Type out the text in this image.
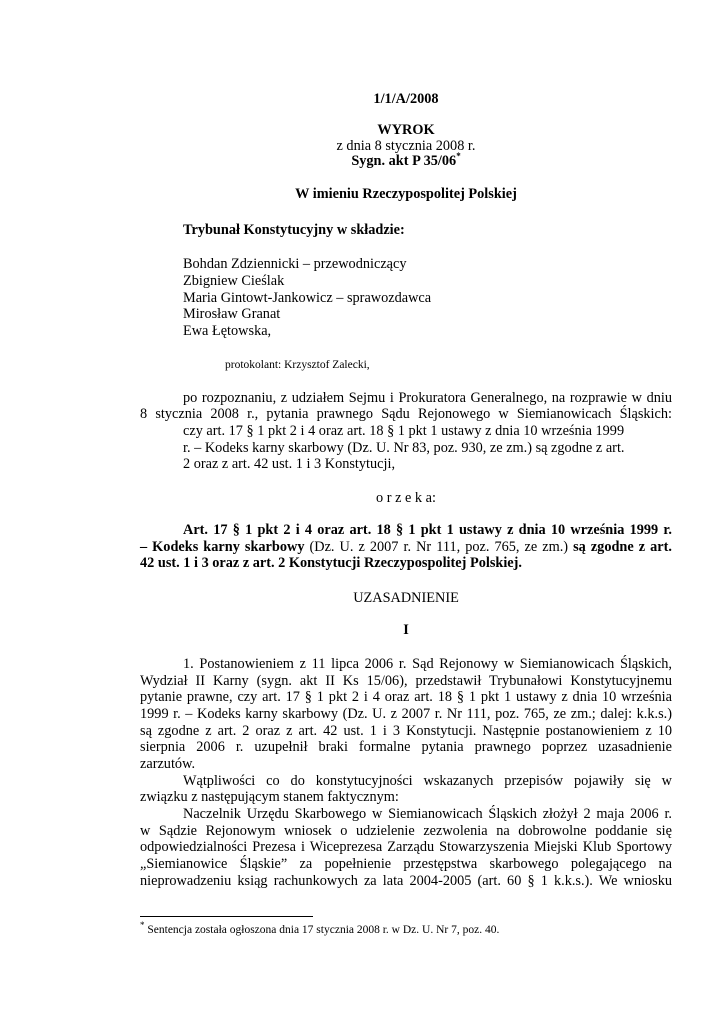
1/1/A/2008
WYROK
z dnia 8 stycznia 2008 r.
Sygn. akt P 35/06*
W imieniu Rzeczypospolitej Polskiej
Trybunał Konstytucyjny w składzie:
Bohdan Zdziennicki – przewodniczący
Zbigniew Cieślak
Maria Gintowt-Jankowicz – sprawozdawca
Mirosław Granat
Ewa Łętowska,
protokolant: Krzysztof Zalecki,
po rozpoznaniu, z udziałem Sejmu i Prokuratora Generalnego, na rozprawie w dniu
8 stycznia 2008 r., pytania prawnego Sądu Rejonowego w Siemianowicach Śląskich:
czy art. 17 § 1 pkt 2 i 4 oraz art. 18 § 1 pkt 1 ustawy z dnia 10 września 1999
r. – Kodeks karny skarbowy (Dz. U. Nr 83, poz. 930, ze zm.) są zgodne z art.
2 oraz z art. 42 ust. 1 i 3 Konstytucji,
o r z e k a:
Art. 17 § 1 pkt 2 i 4 oraz art. 18 § 1 pkt 1 ustawy z dnia 10 września 1999 r.
– Kodeks karny skarbowy (Dz. U. z 2007 r. Nr 111, poz. 765, ze zm.) są zgodne z art.
42 ust. 1 i 3 oraz z art. 2 Konstytucji Rzeczypospolitej Polskiej.
UZASADNIENIE
I
1. Postanowieniem z 11 lipca 2006 r. Sąd Rejonowy w Siemianowicach Śląskich,
Wydział II Karny (sygn. akt II Ks 15/06), przedstawił Trybunałowi Konstytucyjnemu
pytanie prawne, czy art. 17 § 1 pkt 2 i 4 oraz art. 18 § 1 pkt 1 ustawy z dnia 10 września
1999 r. – Kodeks karny skarbowy (Dz. U. z 2007 r. Nr 111, poz. 765, ze zm.; dalej: k.k.s.)
są zgodne z art. 2 oraz z art. 42 ust. 1 i 3 Konstytucji. Następnie postanowieniem z 10
sierpnia 2006 r. uzupełnił braki formalne pytania prawnego poprzez uzasadnienie
zarzutów.
Wątpliwości co do konstytucyjności wskazanych przepisów pojawiły się w
związku z następującym stanem faktycznym:
Naczelnik Urzędu Skarbowego w Siemianowicach Śląskich złożył 2 maja 2006 r.
w Sądzie Rejonowym wniosek o udzielenie zezwolenia na dobrowolne poddanie się
odpowiedzialności Prezesa i Wiceprezesa Zarządu Stowarzyszenia Miejski Klub Sportowy
„Siemianowice Śląskie” za popełnienie przestępstwa skarbowego polegającego na
nieprowadzeniu ksiąg rachunkowych za lata 2004-2005 (art. 60 § 1 k.k.s.). We wniosku
* Sentencja została ogłoszona dnia 17 stycznia 2008 r. w Dz. U. Nr 7, poz. 40.
